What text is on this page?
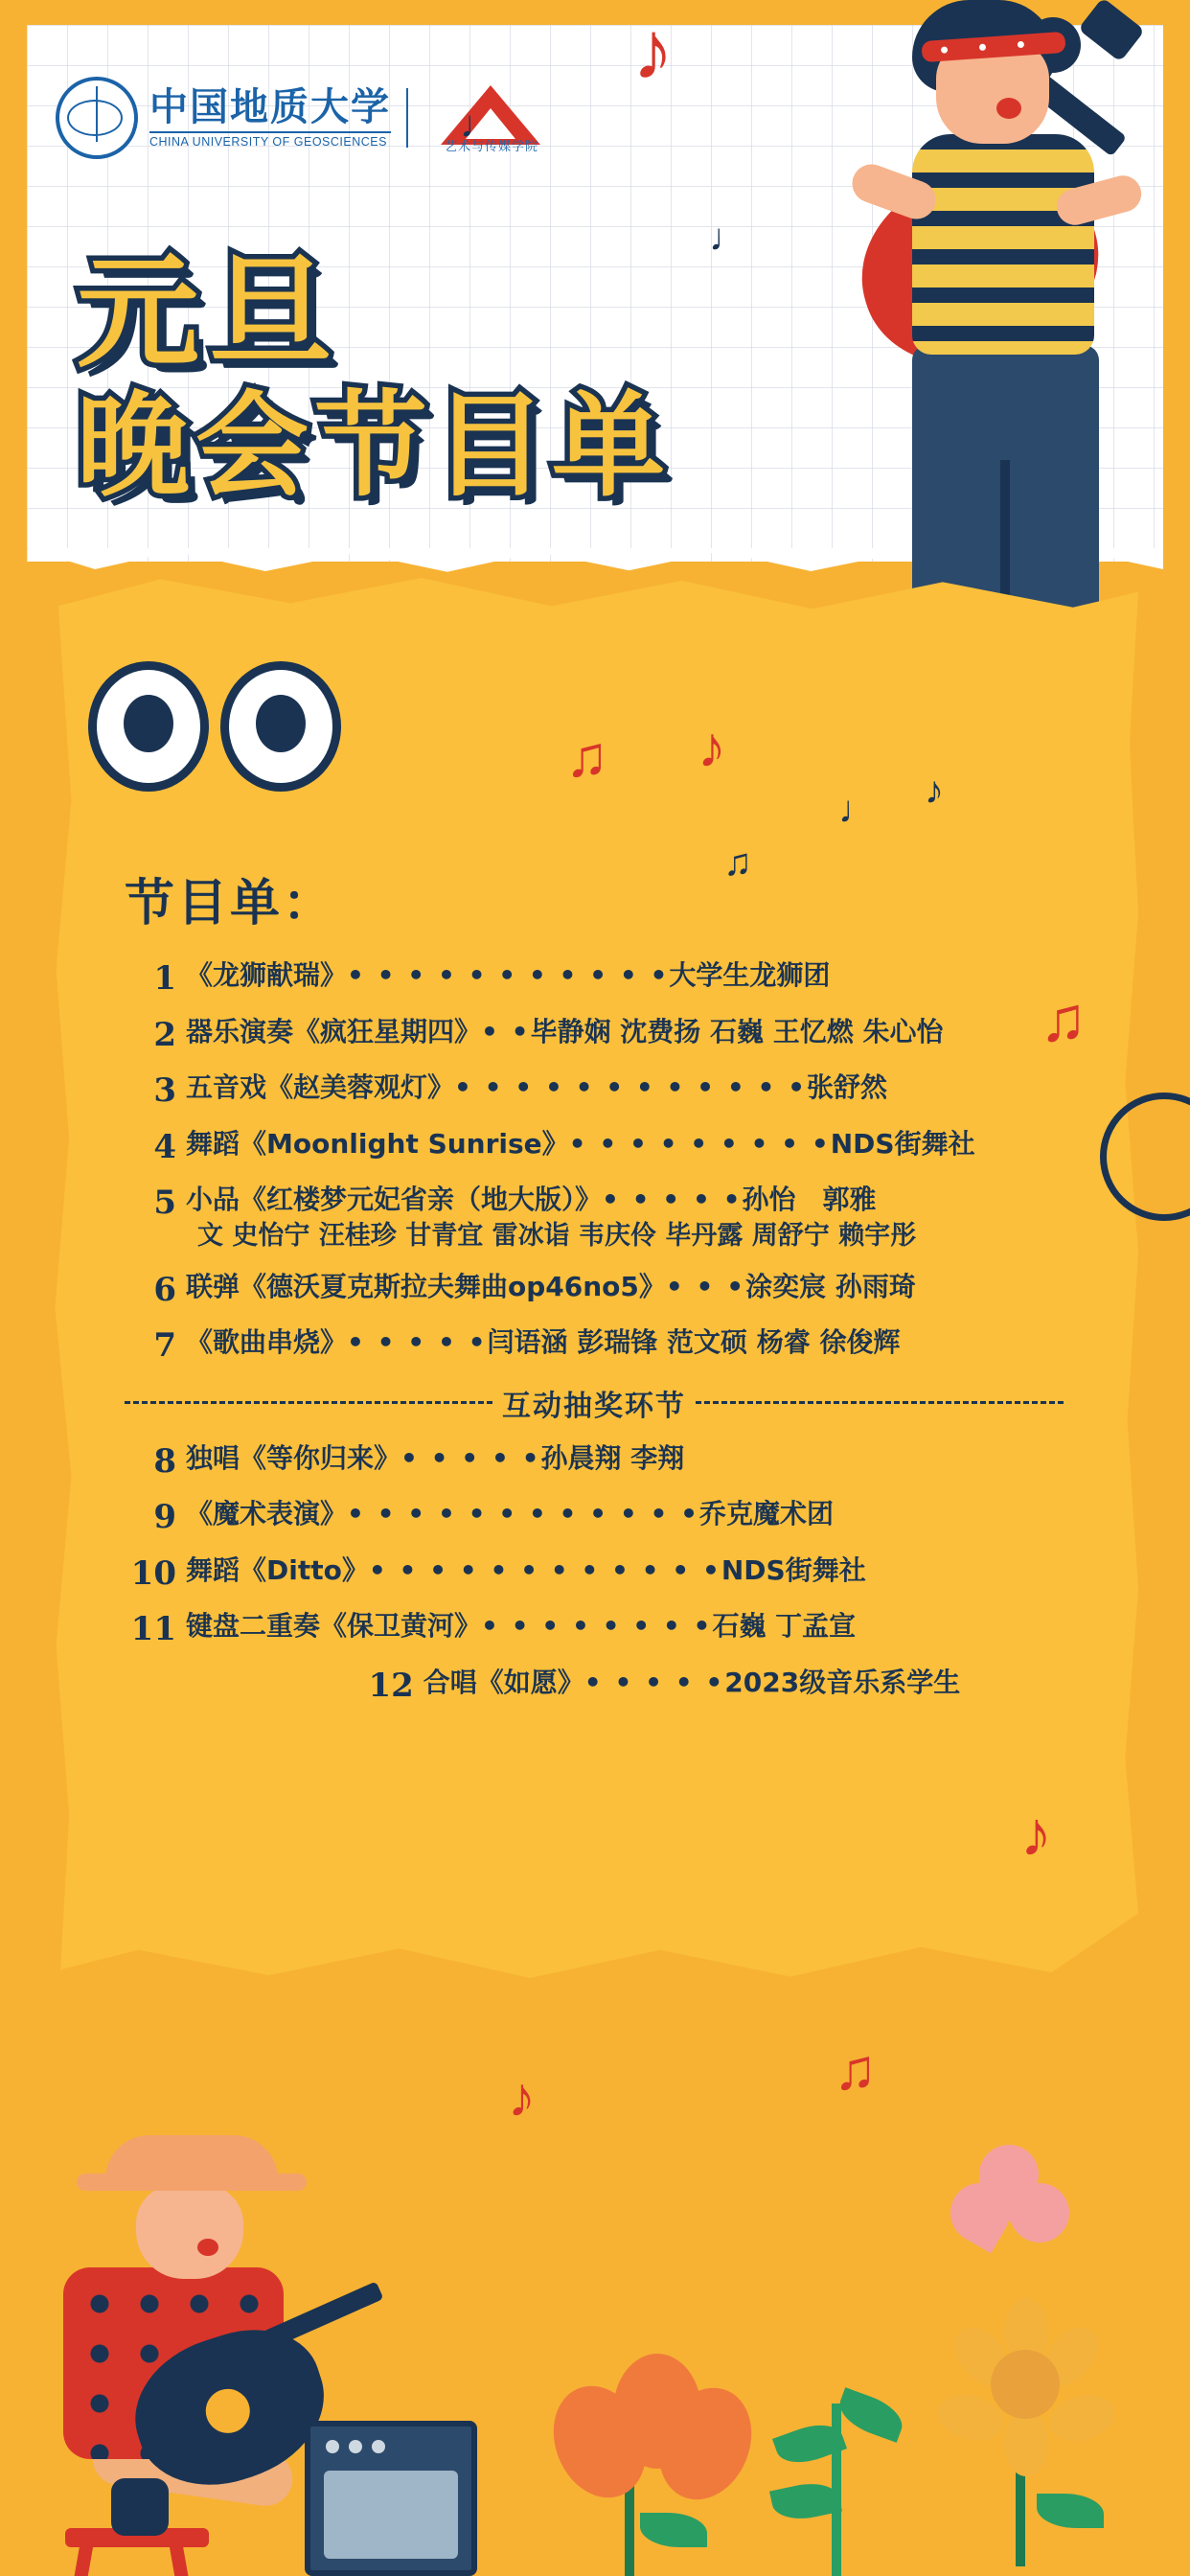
中国地质大学
CHINA UNIVERSITY OF GEOSCIENCES	艺术与传媒学院
元旦
晚会节目单
♪
♩
♩
♫ ♪
♪
♩
♫
♫
♪
♫
♪
节目单：
1 《龙狮献瑞》• • • • • • • • • • •大学生龙狮团
2 器乐演奏《疯狂星期四》• •毕静娴 沈费扬 石巍 王忆燃 朱心怡
3 五音戏《赵美蓉观灯》• • • • • • • • • • • •张舒然
4 舞蹈《Moonlight Sunrise》• • • • • • • • •NDS街舞社
5 小品《红楼梦元妃省亲（地大版）》• • • • •孙怡　郭雅
文 史怡宁 汪桂珍 甘青宜 雷冰诣 韦庆伶 毕丹露 周舒宁 赖宇彤
6 联弹《德沃夏克斯拉夫舞曲op46no5》• • •涂奕宸 孙雨琦
7 《歌曲串烧》• • • • •闫语涵 彭瑞锋 范文硕 杨睿 徐俊辉
互动抽奖环节
8 独唱《等你归来》• • • • •孙晨翔 李翔
9 《魔术表演》• • • • • • • • • • • •乔克魔术团
10 舞蹈《Ditto》• • • • • • • • • • • •NDS街舞社
11 键盘二重奏《保卫黄河》• • • • • • • •石巍 丁孟宣
12 合唱《如愿》• • • • •2023级音乐系学生
